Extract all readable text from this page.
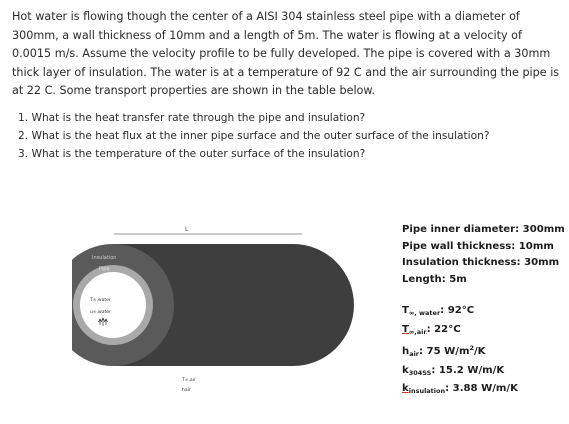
Hot water is flowing though the center of a AISI 304 stainless steel pipe with a diameter of 300mm, a wall thickness of 10mm and a length of 5m. The water is flowing at a velocity of 0.0015 m/s. Assume the velocity profile to be fully developed. The pipe is covered with a 30mm thick layer of insulation. The water is at a temperature of 92 C and the air surrounding the pipe is at 22 C. Some transport properties are shown in the table below.

1. What is the heat transfer rate through the pipe and insulation?
2. What is the heat flux at the inner pipe surface and the outer surface of the insulation?
3. What is the temperature of the outer surface of the insulation?
L
Insulation
Pipe
T∞,water
u∞,water
T∞,air
hair
Pipe inner diameter: 300mm
Pipe wall thickness: 10mm
Insulation thickness: 30mm
Length: 5m
$T_{\infty, water}$: 92°C
$T_{\infty,air}$: 22°C
$h_{air}$: 75 $W/m^2/K$
$k_{304SS}$: 15.2 W/m/K
$k_{insulation}$: 3.88 W/m/K
